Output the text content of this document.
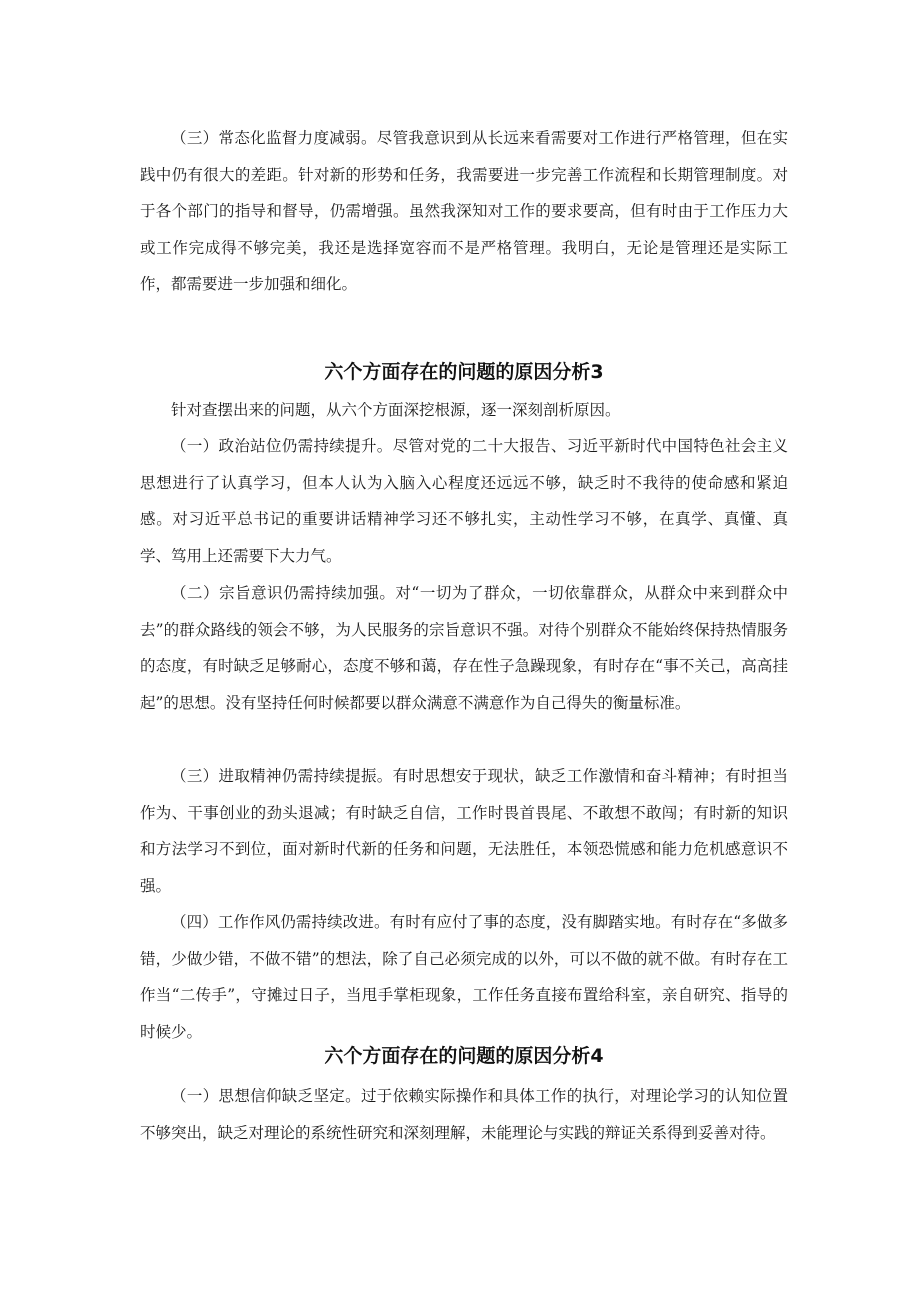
（三）常态化监督力度减弱。尽管我意识到从长远来看需要对工作进行严格管理，但在实践中仍有很大的差距。针对新的形势和任务，我需要进一步完善工作流程和长期管理制度。对于各个部门的指导和督导，仍需增强。虽然我深知对工作的要求要高，但有时由于工作压力大或工作完成得不够完美，我还是选择宽容而不是严格管理。我明白，无论是管理还是实际工作，都需要进一步加强和细化。

六个方面存在的问题的原因分析3

针对查摆出来的问题，从六个方面深挖根源，逐一深刻剖析原因。

（一）政治站位仍需持续提升。尽管对党的二十大报告、习近平新时代中国特色社会主义思想进行了认真学习，但本人认为入脑入心程度还远远不够，缺乏时不我待的使命感和紧迫感。对习近平总书记的重要讲话精神学习还不够扎实，主动性学习不够，在真学、真懂、真学、笃用上还需要下大力气。

（二）宗旨意识仍需持续加强。对“一切为了群众，一切依靠群众，从群众中来到群众中去”的群众路线的领会不够，为人民服务的宗旨意识不强。对待个别群众不能始终保持热情服务的态度，有时缺乏足够耐心，态度不够和蔼，存在性子急躁现象，有时存在“事不关己，高高挂起”的思想。没有坚持任何时候都要以群众满意不满意作为自己得失的衡量标准。

（三）进取精神仍需持续提振。有时思想安于现状，缺乏工作激情和奋斗精神；有时担当作为、干事创业的劲头退减；有时缺乏自信，工作时畏首畏尾、不敢想不敢闯；有时新的知识和方法学习不到位，面对新时代新的任务和问题，无法胜任，本领恐慌感和能力危机感意识不强。

（四）工作作风仍需持续改进。有时有应付了事的态度，没有脚踏实地。有时存在“多做多错，少做少错，不做不错”的想法，除了自己必须完成的以外，可以不做的就不做。有时存在工作当“二传手”，守摊过日子，当甩手掌柜现象，工作任务直接布置给科室，亲自研究、指导的时候少。

六个方面存在的问题的原因分析4

（一）思想信仰缺乏坚定。过于依赖实际操作和具体工作的执行，对理论学习的认知位置不够突出，缺乏对理论的系统性研究和深刻理解，未能理论与实践的辩证关系得到妥善对待。
